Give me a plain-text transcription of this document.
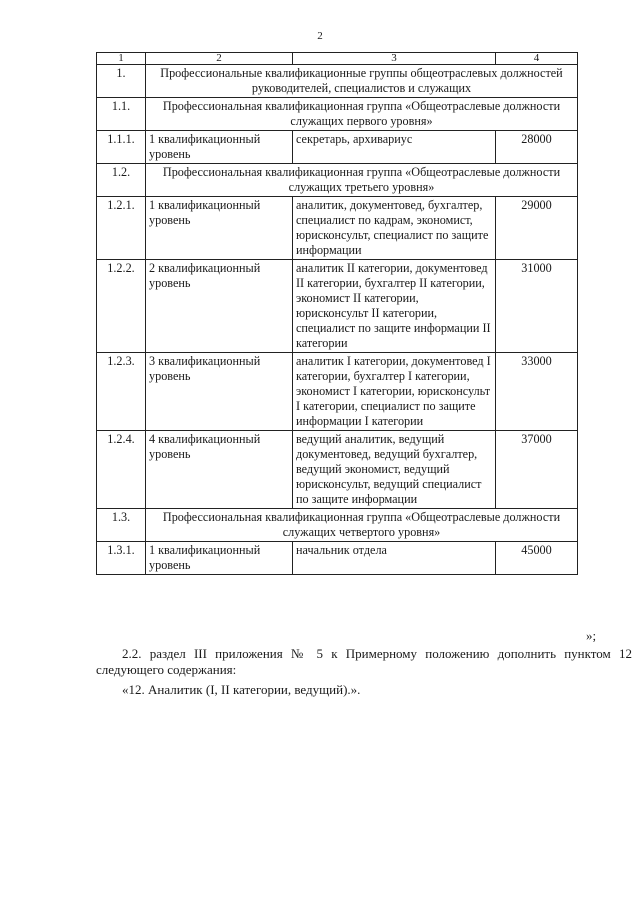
2
1	2	3	4
1.	Профессиональные квалификационные группы общеотраслевых должностей руководителей, специалистов и служащих		
1.1.	Профессиональная квалификационная группа «Общеотраслевые должности служащих первого уровня»		
1.1.1.	1 квалификационный уровень	секретарь, архивариус	28000
1.2.	Профессиональная квалификационная группа «Общеотраслевые должности служащих третьего уровня»		
1.2.1.	1 квалификационный уровень	аналитик, документовед, бухгалтер, специалист по кадрам, экономист, юрисконсульт, специалист по защите информации	29000
1.2.2.	2 квалификационный уровень	аналитик II категории, документовед II категории, бухгалтер II категории, экономист II категории, юрисконсульт II категории, специалист по защите информации II категории	31000
1.2.3.	3 квалификационный уровень	аналитик I категории, документовед I категории, бухгалтер I категории, экономист I категории, юрисконсульт I категории, специалист по защите информации I категории	33000
1.2.4.	4 квалификационный уровень	ведущий аналитик, ведущий документовед, ведущий бухгалтер, ведущий экономист, ведущий юрисконсульт, ведущий специалист по защите информации	37000
1.3.	Профессиональная квалификационная группа «Общеотраслевые должности служащих четвертого уровня»		
1.3.1.	1 квалификационный уровень	начальник отдела	45000
»;
2.2. раздел III приложения № 5 к Примерному положению дополнить пунктом 12 следующего содержания:
«12. Аналитик (I, II категории, ведущий).».
